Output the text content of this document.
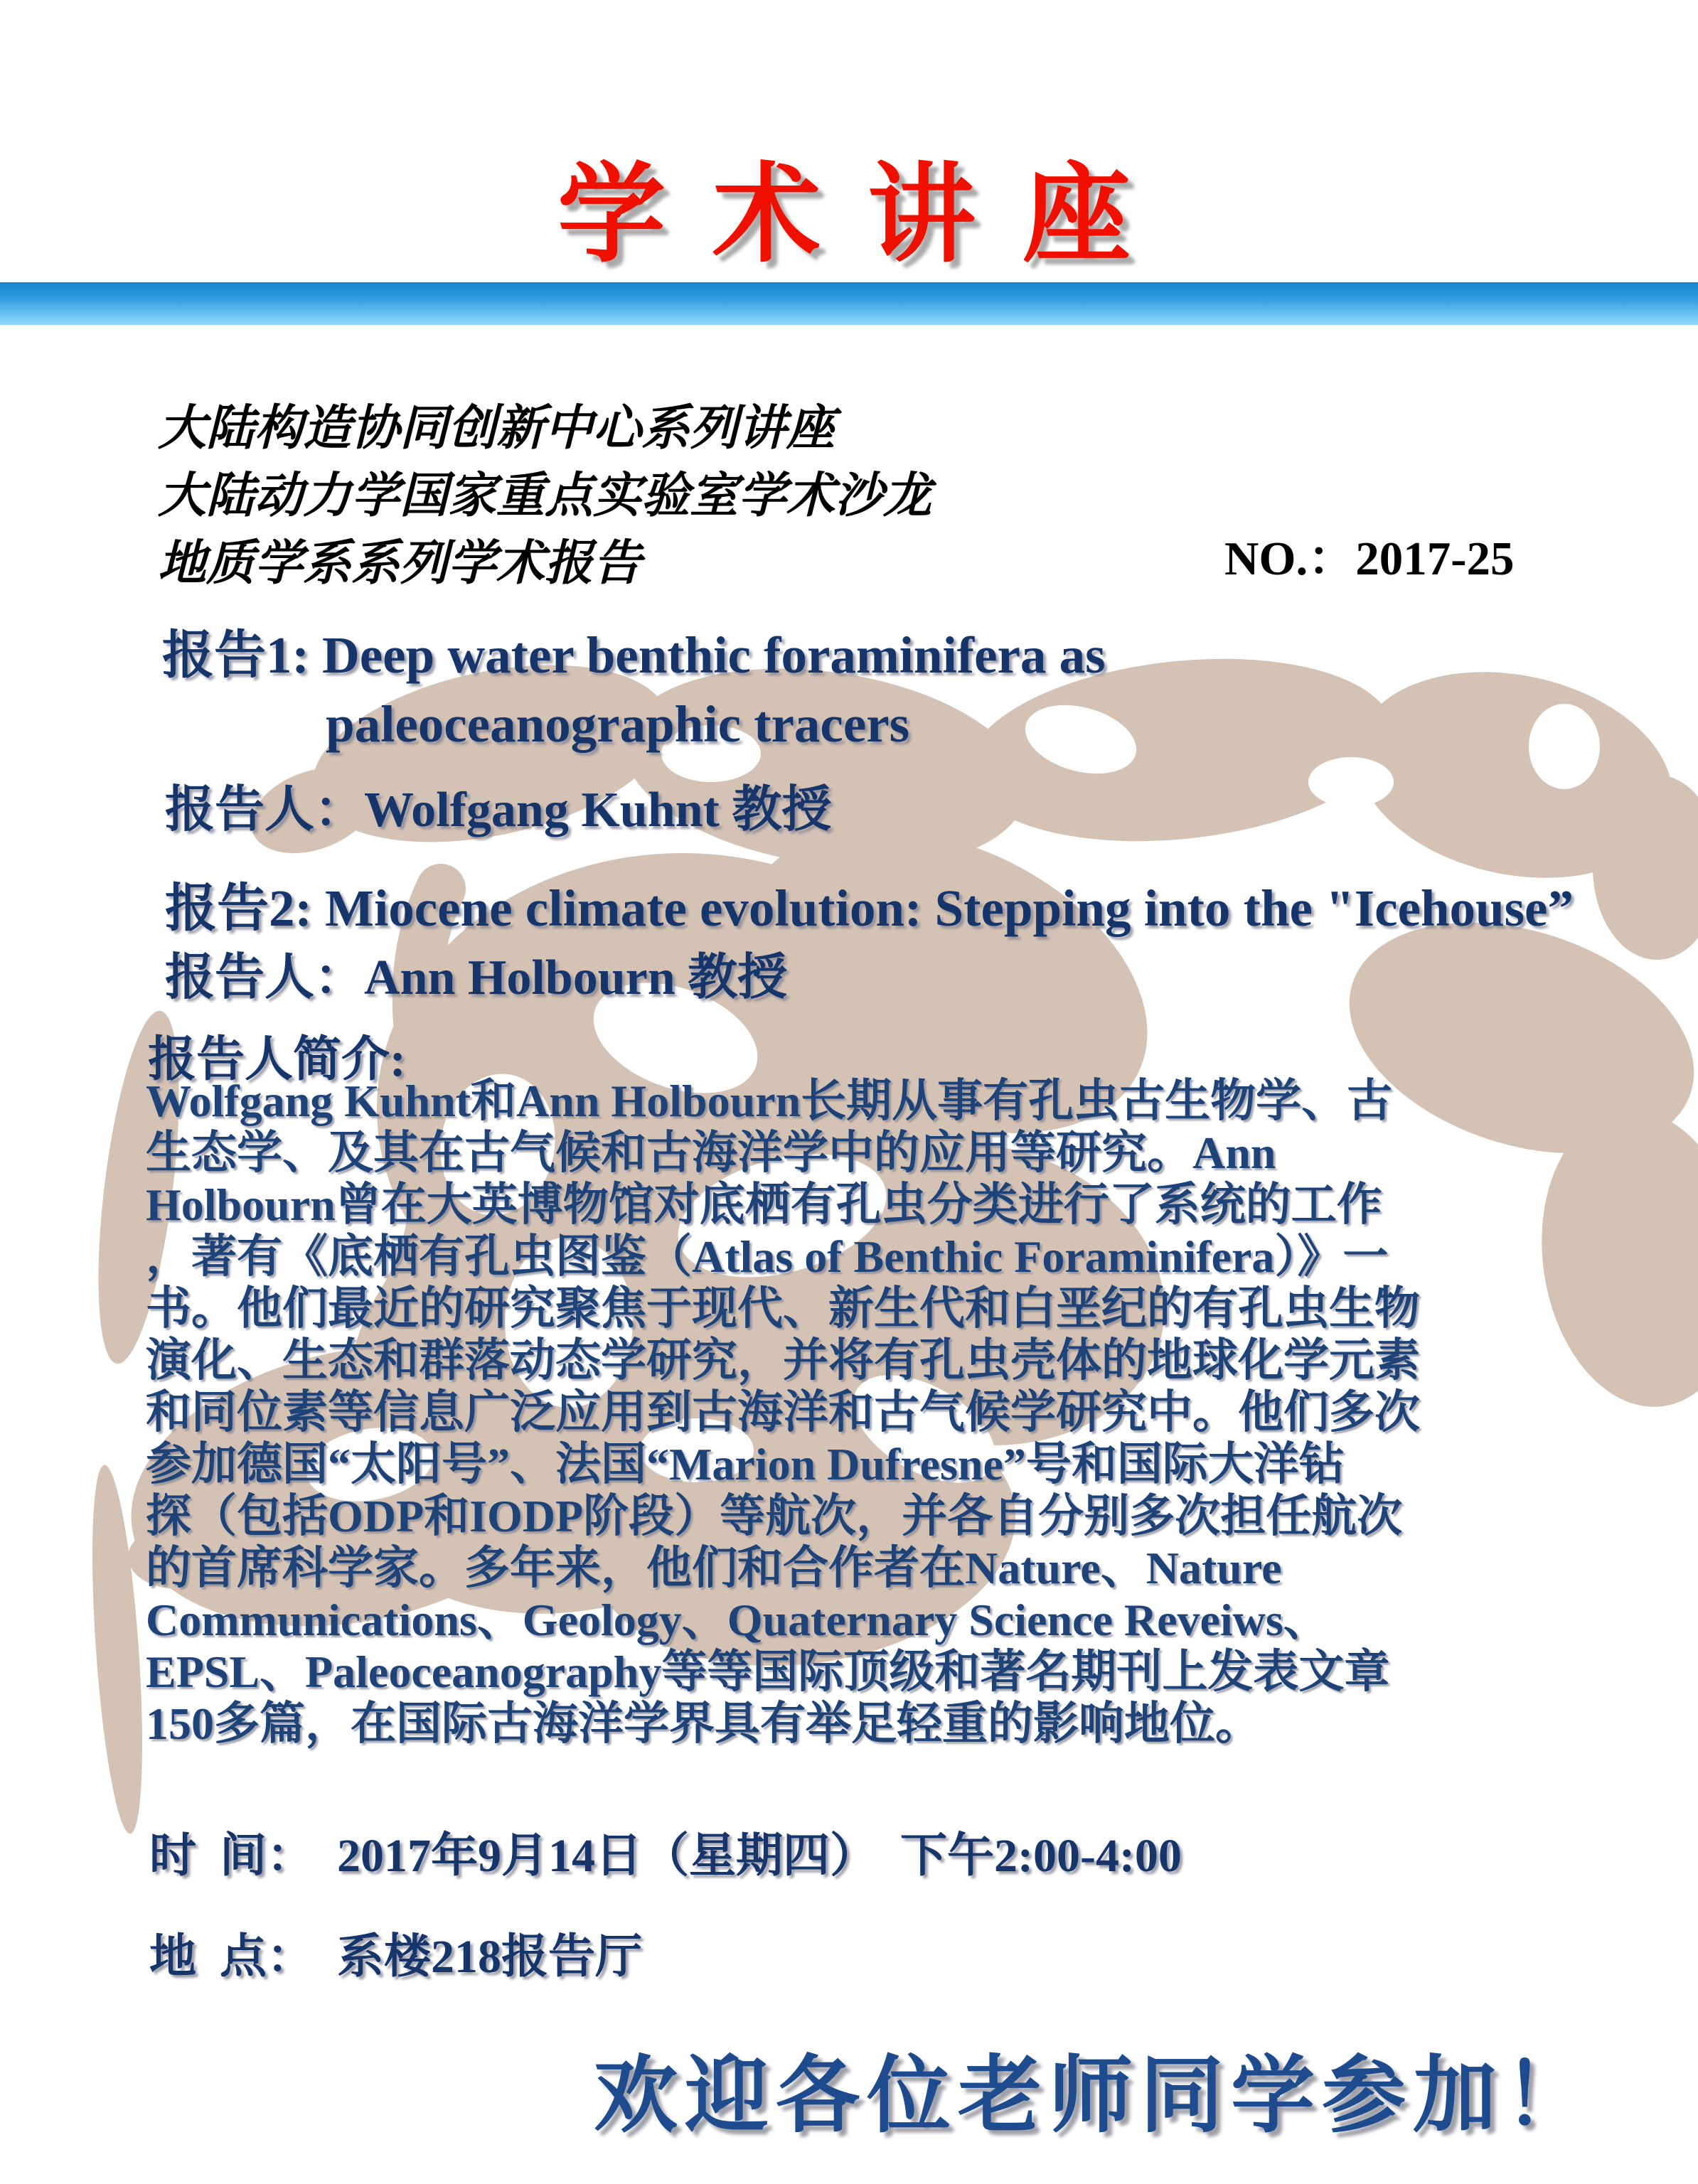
学 术 讲 座
大陆构造协同创新中心系列讲座
大陆动力学国家重点实验室学术沙龙
地质学系系列学术报告	NO.：2017-25
报告1: Deep water benthic foraminifera as
paleoceanographic tracers
报告人：Wolfgang Kuhnt 教授
报告2: Miocene climate evolution: Stepping into the "Icehouse”
报告人：Ann Holbourn 教授
报告人简介:
Wolfgang Kuhnt和Ann Holbourn长期从事有孔虫古生物学、古
生态学、及其在古气候和古海洋学中的应用等研究。Ann
Holbourn曾在大英博物馆对底栖有孔虫分类进行了系统的工作
，著有《底栖有孔虫图鉴（Atlas of Benthic Foraminifera）》一
书。他们最近的研究聚焦于现代、新生代和白垩纪的有孔虫生物
演化、生态和群落动态学研究，并将有孔虫壳体的地球化学元素
和同位素等信息广泛应用到古海洋和古气候学研究中。他们多次
参加德国“太阳号”、法国“Marion Dufresne”号和国际大洋钻
探（包括ODP和IODP阶段）等航次，并各自分别多次担任航次
的首席科学家。多年来，他们和合作者在Nature、Nature
Communications、Geology、Quaternary Science Reveiws、
EPSL、Paleoceanography等等国际顶级和著名期刊上发表文章
150多篇，在国际古海洋学界具有举足轻重的影响地位。
时  间：  2017年9月14日（星期四）  下午2:00-4:00
地  点：  系楼218报告厅
欢迎各位老师同学参加！
